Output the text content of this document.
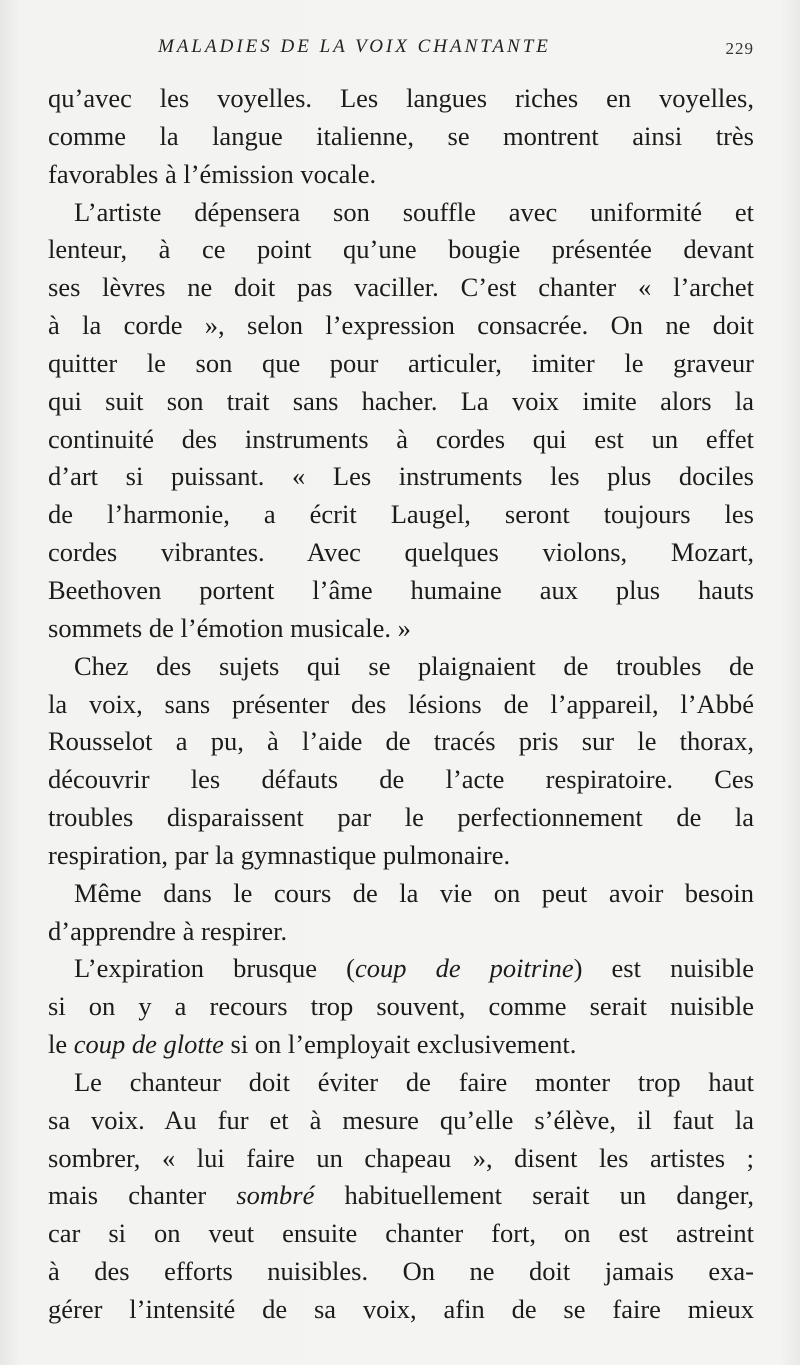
MALADIES DE LA VOIX CHANTANTE	229
qu’avec les voyelles. Les langues riches en voyelles,
comme la langue italienne, se montrent ainsi très
favorables à l’émission vocale.
L’artiste dépensera son souffle avec uniformité et
lenteur, à ce point qu’une bougie présentée devant
ses lèvres ne doit pas vaciller. C’est chanter « l’archet
à la corde », selon l’expression consacrée. On ne doit
quitter le son que pour articuler, imiter le graveur
qui suit son trait sans hacher. La voix imite alors la
continuité des instruments à cordes qui est un effet
d’art si puissant. « Les instruments les plus dociles
de l’harmonie, a écrit Laugel, seront toujours les
cordes vibrantes. Avec quelques violons, Mozart,
Beethoven portent l’âme humaine aux plus hauts
sommets de l’émotion musicale. »
Chez des sujets qui se plaignaient de troubles de
la voix, sans présenter des lésions de l’appareil, l’Abbé
Rousselot a pu, à l’aide de tracés pris sur le thorax,
découvrir les défauts de l’acte respiratoire. Ces
troubles disparaissent par le perfectionnement de la
respiration, par la gymnastique pulmonaire.
Même dans le cours de la vie on peut avoir besoin
d’apprendre à respirer.
L’expiration brusque (coup de poitrine) est nuisible
si on y a recours trop souvent, comme serait nuisible
le coup de glotte si on l’employait exclusivement.
Le chanteur doit éviter de faire monter trop haut
sa voix. Au fur et à mesure qu’elle s’élève, il faut la
sombrer, « lui faire un chapeau », disent les artistes ;
mais chanter sombré habituellement serait un danger,
car si on veut ensuite chanter fort, on est astreint
à des efforts nuisibles. On ne doit jamais exa-
gérer l’intensité de sa voix, afin de se faire mieux
